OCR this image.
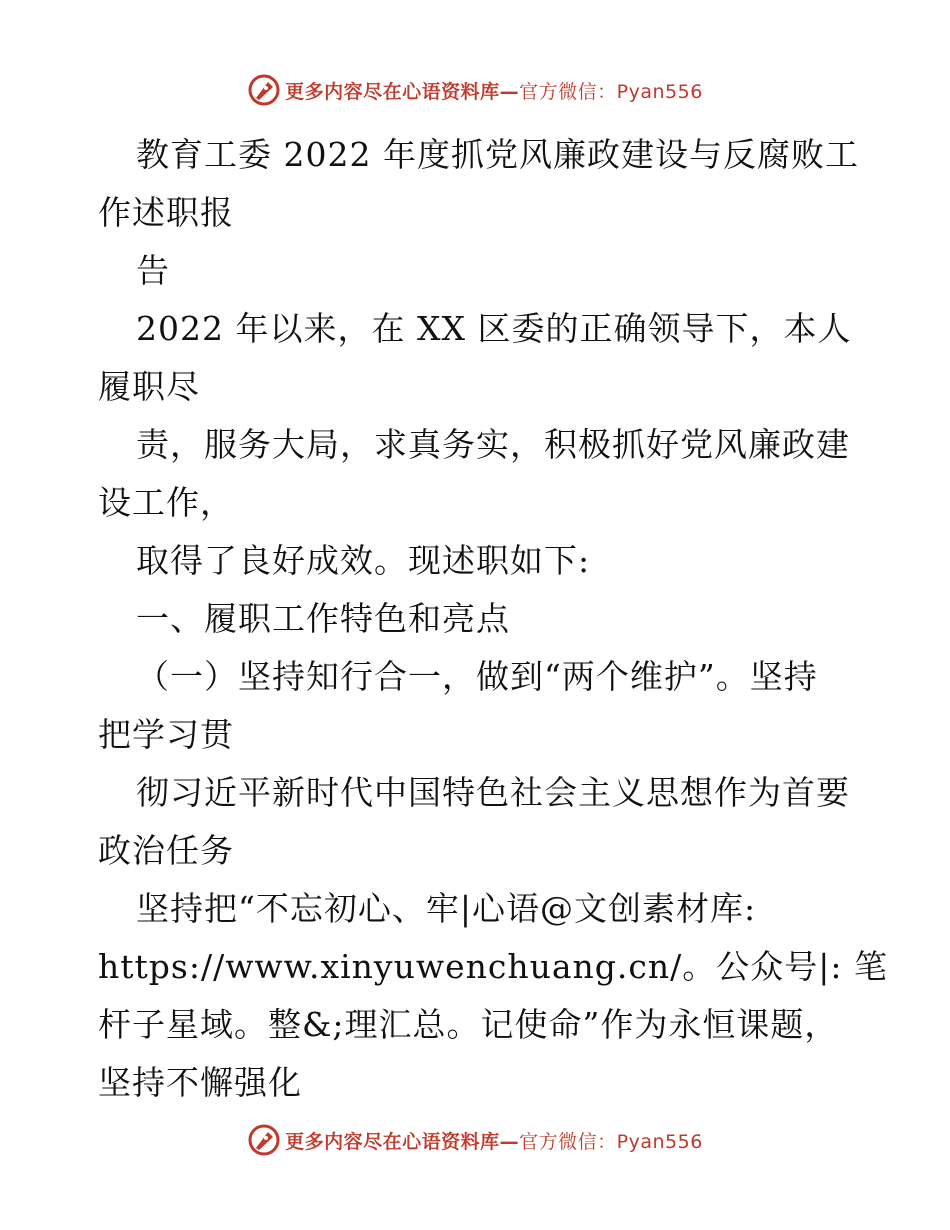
更多内容尽在心语资料库—官方微信：Pyan556
教育工委 2022 年度抓党风廉政建设与反腐败工
作述职报
告
2022 年以来，在 XX 区委的正确领导下，本人
履职尽
责，服务大局，求真务实，积极抓好党风廉政建
设工作，
取得了良好成效。现述职如下:
一、履职工作特色和亮点
（一）坚持知行合一，做到“两个维护”。坚持
把学习贯
彻习近平新时代中国特色社会主义思想作为首要
政治任务
坚持把“不忘初心、牢|心语@文创素材库:
https://www.xinyuwenchuang.cn/。公众号|: 笔
杆子星域。整&;理汇总。记使命”作为永恒课题，
坚持不懈强化
更多内容尽在心语资料库—官方微信：Pyan556
